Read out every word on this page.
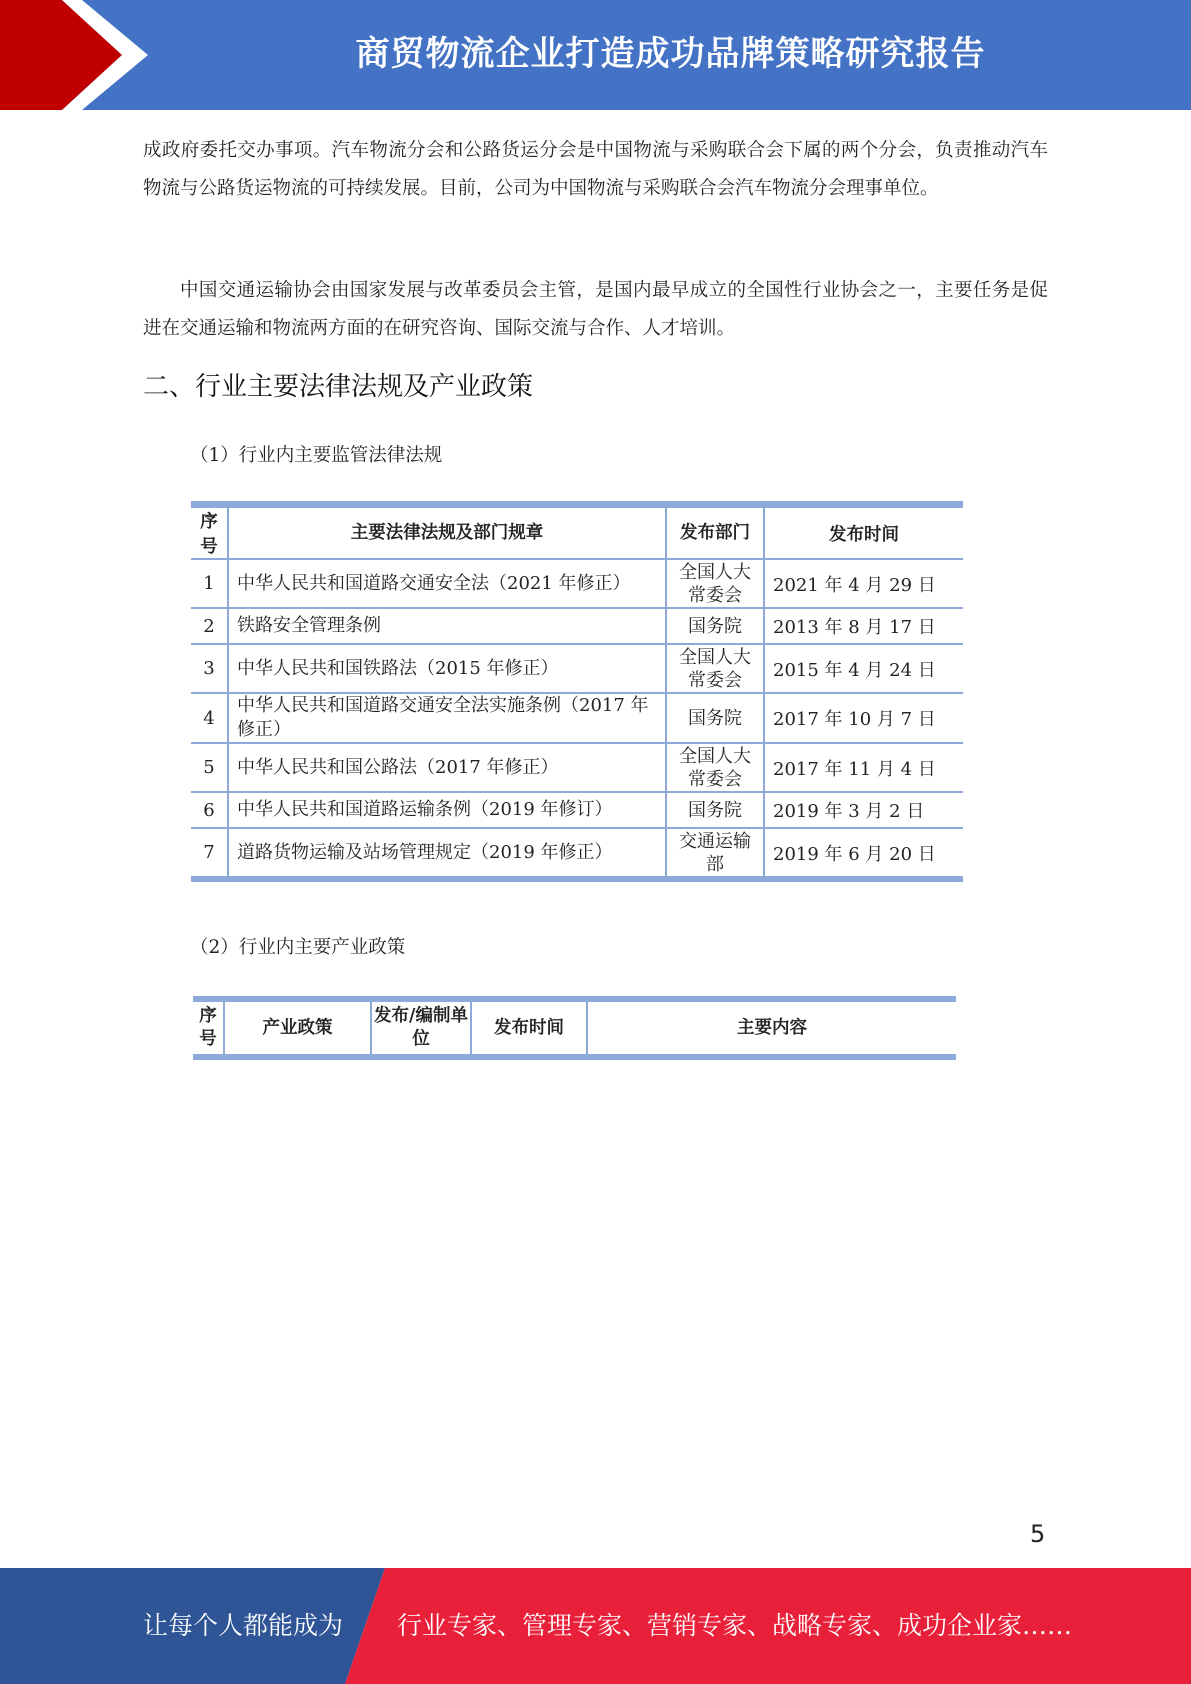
商贸物流企业打造成功品牌策略研究报告

成政府委托交办事项。汽车物流分会和公路货运分会是中国物流与采购联合会下属的两个分会，负责推动汽车物流与公路货运物流的可持续发展。目前，公司为中国物流与采购联合会汽车物流分会理事单位。

中国交通运输协会由国家发展与改革委员会主管，是国内最早成立的全国性行业协会之一，主要任务是促进在交通运输和物流两方面的在研究咨询、国际交流与合作、人才培训。

二、行业主要法律法规及产业政策

（1）行业内主要监管法律法规

序号	主要法律法规及部门规章	发布部门	发布时间
1	中华人民共和国道路交通安全法（2021 年修正）	全国人大常委会	2021 年 4 月 29 日
2	铁路安全管理条例	国务院	2013 年 8 月 17 日
3	中华人民共和国铁路法（2015 年修正）	全国人大常委会	2015 年 4 月 24 日
4	中华人民共和国道路交通安全法实施条例（2017 年修正）	国务院	2017 年 10 月 7 日
5	中华人民共和国公路法（2017 年修正）	全国人大常委会	2017 年 11 月 4 日
6	中华人民共和国道路运输条例（2019 年修订）	国务院	2019 年 3 月 2 日
7	道路货物运输及站场管理规定（2019 年修正）	交通运输部	2019 年 6 月 20 日

（2）行业内主要产业政策

序号	产业政策	发布/编制单位	发布时间	主要内容
5
让每个人都能成为 行业专家、管理专家、营销专家、战略专家、成功企业家……
